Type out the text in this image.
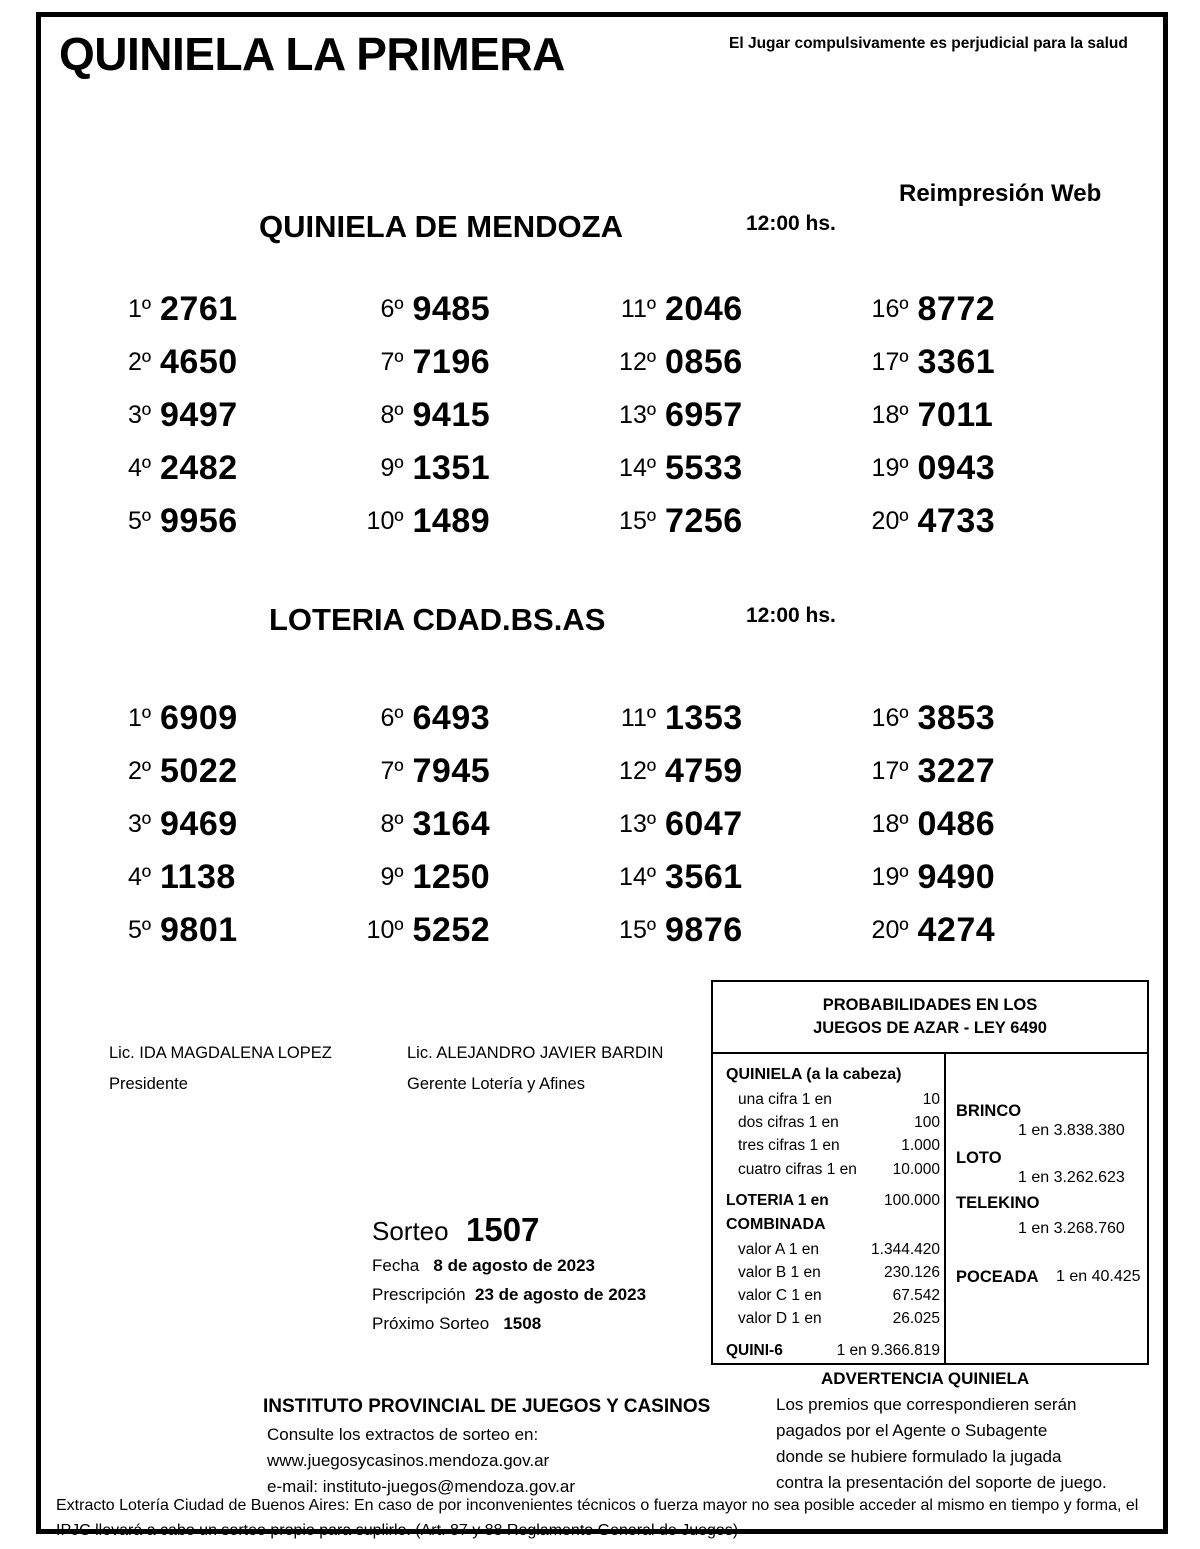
QUINIELA LA PRIMERA	El Jugar compulsivamente es perjudicial para la salud
Reimpresión Web
QUINIELA DE MENDOZA	12:00 hs.
1º 2761	6º 9485	11º 2046	16º 8772
2º 4650	7º 7196	12º 0856	17º 3361
3º 9497	8º 9415	13º 6957	18º 7011
4º 2482	9º 1351	14º 5533	19º 0943
5º 9956	10º 1489	15º 7256	20º 4733
LOTERIA CDAD.BS.AS	12:00 hs.
1º 6909	6º 6493	11º 1353	16º 3853
2º 5022	7º 7945	12º 4759	17º 3227
3º 9469	8º 3164	13º 6047	18º 0486
4º 1138	9º 1250	14º 3561	19º 9490
5º 9801	10º 5252	15º 9876	20º 4274
Lic. IDA MAGDALENA LOPEZ
Presidente
Lic. ALEJANDRO JAVIER BARDIN
Gerente Lotería y Afines
Sorteo 1507
Fecha 8 de agosto de 2023
Prescripción 23 de agosto de 2023
Próximo Sorteo 1508
PROBABILIDADES EN LOS
JUEGOS DE AZAR - LEY 6490
QUINIELA (a la cabeza)
una cifra 1 en	10
dos cifras 1 en	100
tres cifras 1 en	1.000
cuatro cifras 1 en 10.000
LOTERIA 1 en	100.000
COMBINADA
valor A 1 en	1.344.420
valor B 1 en	230.126
valor C 1 en	67.542
valor D 1 en	26.025
QUINI-6	1 en 9.366.819
BRINCO
1 en 3.838.380
LOTO
1 en 3.262.623
TELEKINO
1 en 3.268.760
POCEADA 1 en 40.425
INSTITUTO PROVINCIAL DE JUEGOS Y CASINOS
Consulte los extractos de sorteo en:
www.juegosycasinos.mendoza.gov.ar
e-mail: instituto-juegos@mendoza.gov.ar
ADVERTENCIA QUINIELA
Los premios que correspondieren serán
pagados por el Agente o Subagente
donde se hubiere formulado la jugada
contra la presentación del soporte de juego.
Extracto Lotería Ciudad de Buenos Aires: En caso de por inconvenientes técnicos o fuerza mayor no sea posible acceder al mismo en tiempo y forma, el IPJC llevará a cabo un sorteo propio para suplirlo. (Art. 87 y 88 Reglamento General de Juegos)
